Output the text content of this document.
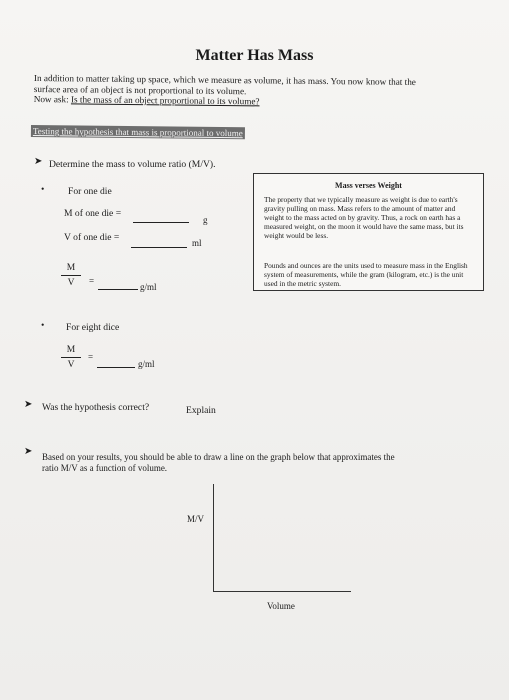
Matter Has Mass
In addition to matter taking up space, which we measure as volume, it has mass. You now know that the
surface area of an object is not proportional to its volume.
Now ask: Is the mass of an object proportional to its volume?
Testing the hypothesis that mass is proportional to volume
➤ Determine the mass to volume ratio (M/V).
• For one die
M of one die =
g
V of one die =	ml
M
V	=
g/ml
• For eight dice
M
V
=
g/ml
Mass verses Weight
The property that we typically measure as weight is due to earth's gravity pulling on mass. Mass refers to the amount of matter and weight to the mass acted on by gravity. Thus, a rock on earth has a measured weight, on the moon it would have the same mass, but its weight would be less.
Pounds and ounces are the units used to measure mass in the English system of measurements, while the gram (kilogram, etc.) is the unit used in the metric system.
➤ Was the hypothesis correct?	Explain
➤ Based on your results, you should be able to draw a line on the graph below that approximates the
ratio M/V as a function of volume.
M/V
Volume
